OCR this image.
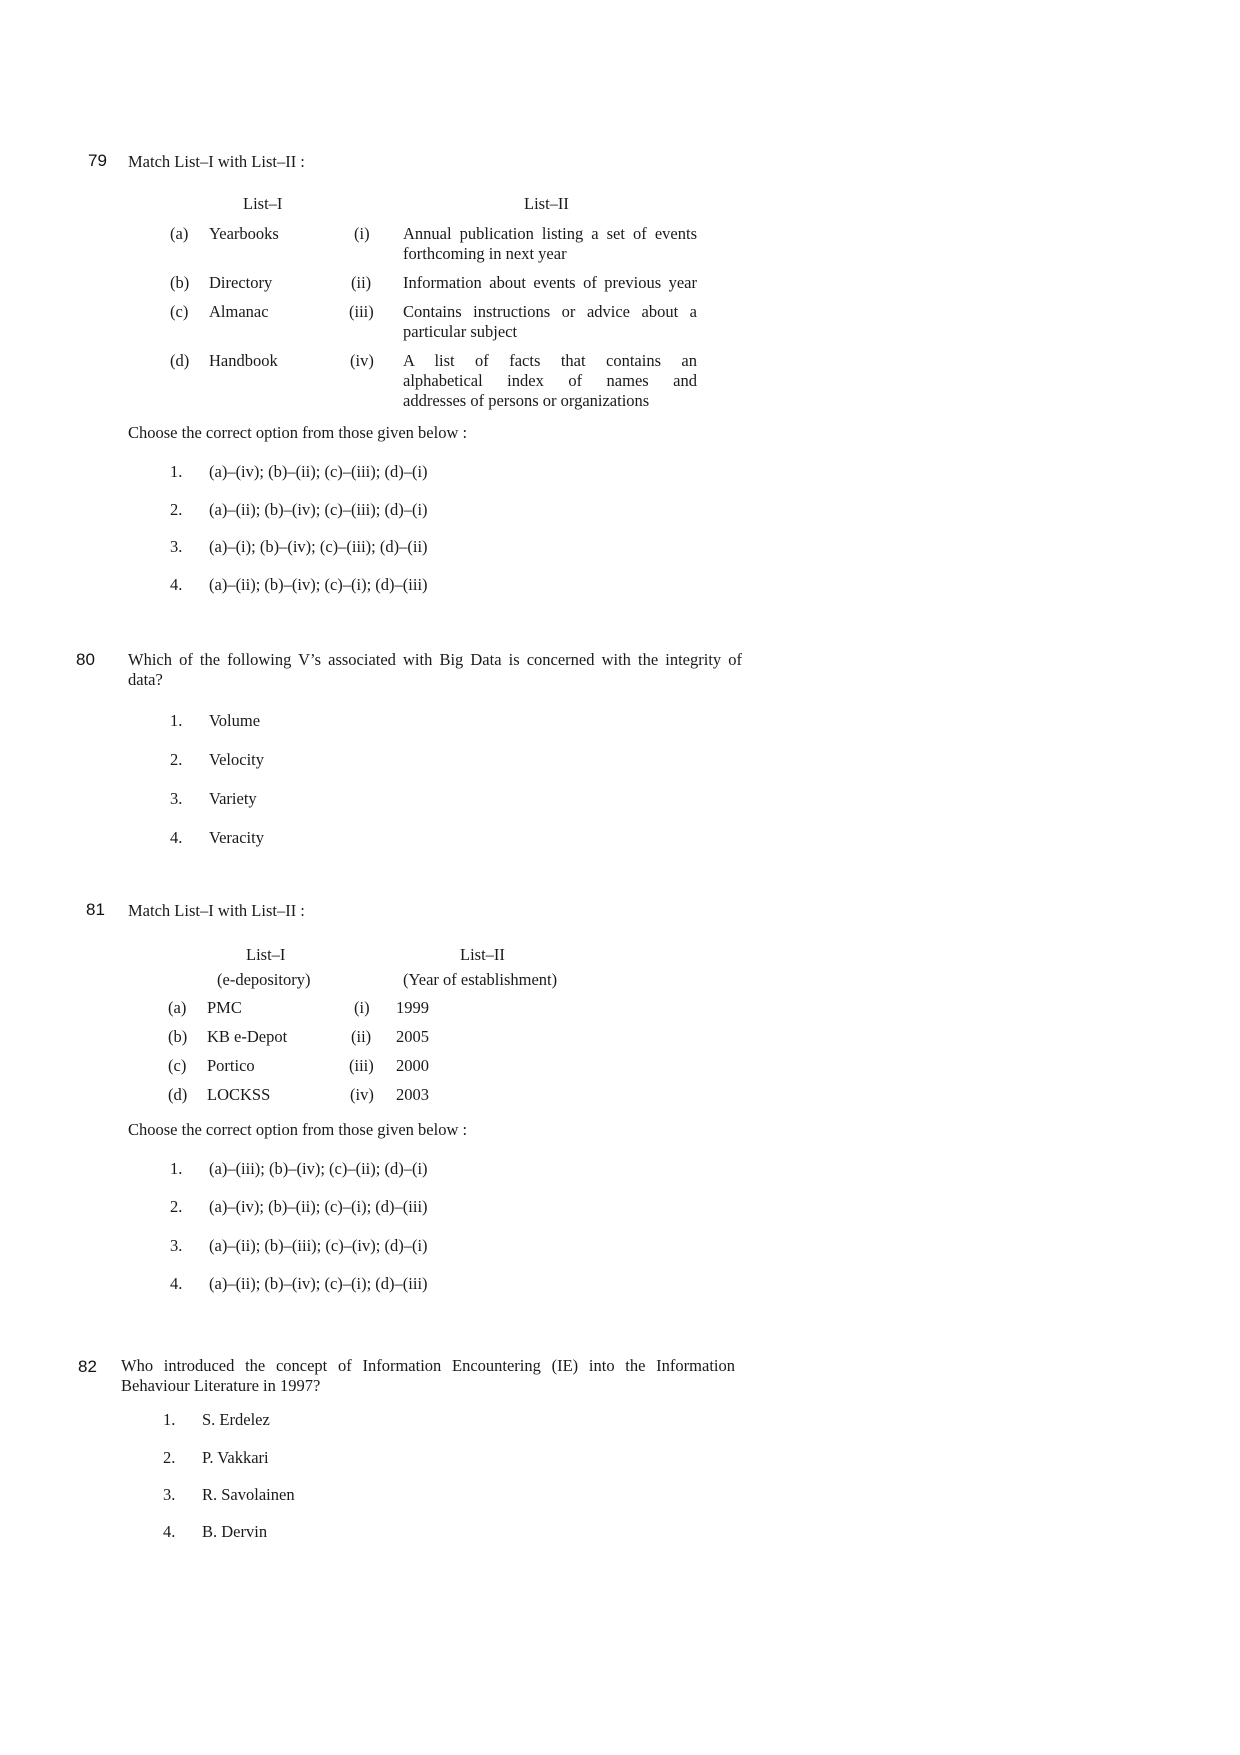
79 Match List–I with List–II :
List–I	List–II
(a) Yearbooks	(i) Annual publication listing a set of events
forthcoming in next year
(b) Directory	(ii) Information about events of previous year
(c) Almanac	(iii) Contains instructions or advice about a
particular subject
(d) Handbook	(iv) A list of facts that contains an
alphabetical index of names and
addresses of persons or organizations
Choose the correct option from those given below :
1. (a)–(iv); (b)–(ii); (c)–(iii); (d)–(i)
2. (a)–(ii); (b)–(iv); (c)–(iii); (d)–(i)
3. (a)–(i); (b)–(iv); (c)–(iii); (d)–(ii)
4. (a)–(ii); (b)–(iv); (c)–(i); (d)–(iii)
80 Which of the following V’s associated with Big Data is concerned with the integrity of
data?
1. Volume
2. Velocity
3. Variety
4. Veracity
81 Match List–I with List–II :
List–I	List–II
(e-depository)	(Year of establishment)
(a) PMC	(i) 1999
(b) KB e-Depot	(ii) 2005
(c) Portico	(iii) 2000
(d) LOCKSS	(iv) 2003
Choose the correct option from those given below :
1. (a)–(iii); (b)–(iv); (c)–(ii); (d)–(i)
2. (a)–(iv); (b)–(ii); (c)–(i); (d)–(iii)
3. (a)–(ii); (b)–(iii); (c)–(iv); (d)–(i)
4. (a)–(ii); (b)–(iv); (c)–(i); (d)–(iii)
82 Who introduced the concept of Information Encountering (IE) into the Information
Behaviour Literature in 1997?
1. S. Erdelez
2. P. Vakkari
3. R. Savolainen
4. B. Dervin
